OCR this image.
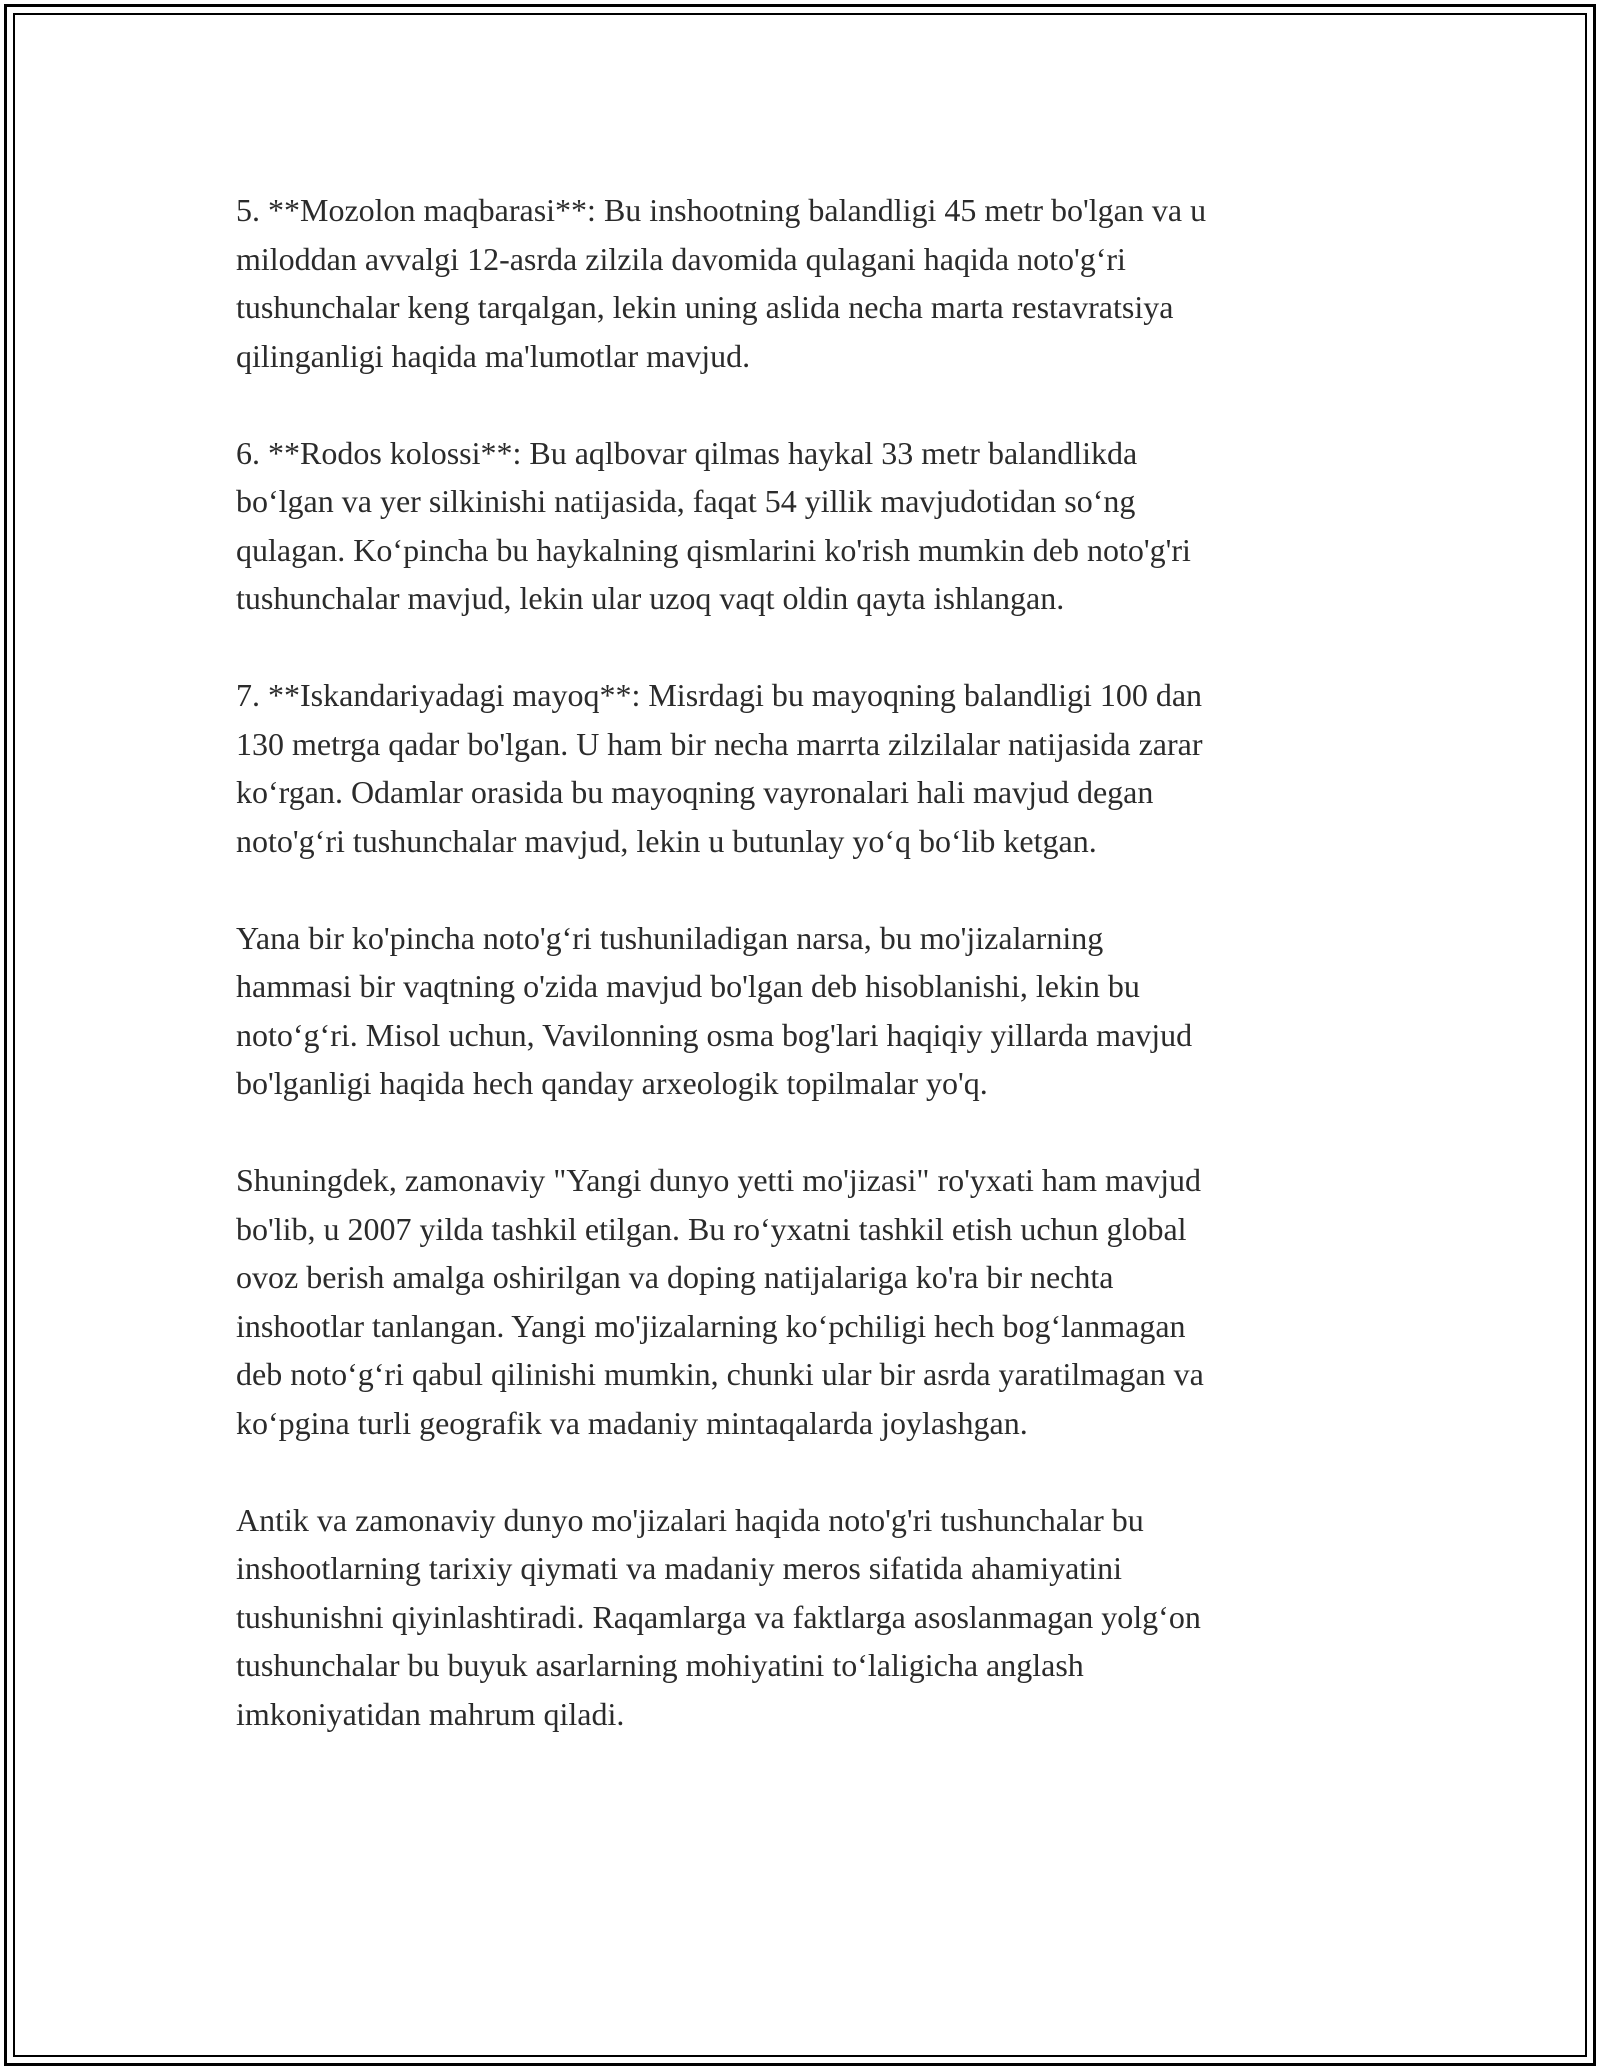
5. **Mozolon maqbarasi**: Bu inshootning balandligi 45 metr bo'lgan va u
miloddan avvalgi 12-asrda zilzila davomida qulagani haqida noto'g‘ri
tushunchalar keng tarqalgan, lekin uning aslida necha marta restavratsiya
qilinganligi haqida ma'lumotlar mavjud.

6. **Rodos kolossi**: Bu aqlbovar qilmas haykal 33 metr balandlikda
bo‘lgan va yer silkinishi natijasida, faqat 54 yillik mavjudotidan so‘ng
qulagan. Ko‘pincha bu haykalning qismlarini ko'rish mumkin deb noto'g'ri
tushunchalar mavjud, lekin ular uzoq vaqt oldin qayta ishlangan.

7. **Iskandariyadagi mayoq**: Misrdagi bu mayoqning balandligi 100 dan
130 metrga qadar bo'lgan. U ham bir necha marrta zilzilalar natijasida zarar
ko‘rgan. Odamlar orasida bu mayoqning vayronalari hali mavjud degan
noto'g‘ri tushunchalar mavjud, lekin u butunlay yo‘q bo‘lib ketgan.

Yana bir ko'pincha noto'g‘ri tushuniladigan narsa, bu mo'jizalarning
hammasi bir vaqtning o'zida mavjud bo'lgan deb hisoblanishi, lekin bu
noto‘g‘ri. Misol uchun, Vavilonning osma bog'lari haqiqiy yillarda mavjud
bo'lganligi haqida hech qanday arxeologik topilmalar yo'q.

Shuningdek, zamonaviy "Yangi dunyo yetti mo'jizasi" ro'yxati ham mavjud
bo'lib, u 2007 yilda tashkil etilgan. Bu ro‘yxatni tashkil etish uchun global
ovoz berish amalga oshirilgan va doping natijalariga ko'ra bir nechta
inshootlar tanlangan. Yangi mo'jizalarning ko‘pchiligi hech bog‘lanmagan
deb noto‘g‘ri qabul qilinishi mumkin, chunki ular bir asrda yaratilmagan va
ko‘pgina turli geografik va madaniy mintaqalarda joylashgan.

Antik va zamonaviy dunyo mo'jizalari haqida noto'g'ri tushunchalar bu
inshootlarning tarixiy qiymati va madaniy meros sifatida ahamiyatini
tushunishni qiyinlashtiradi. Raqamlarga va faktlarga asoslanmagan yolg‘on
tushunchalar bu buyuk asarlarning mohiyatini to‘laligicha anglash
imkoniyatidan mahrum qiladi.
